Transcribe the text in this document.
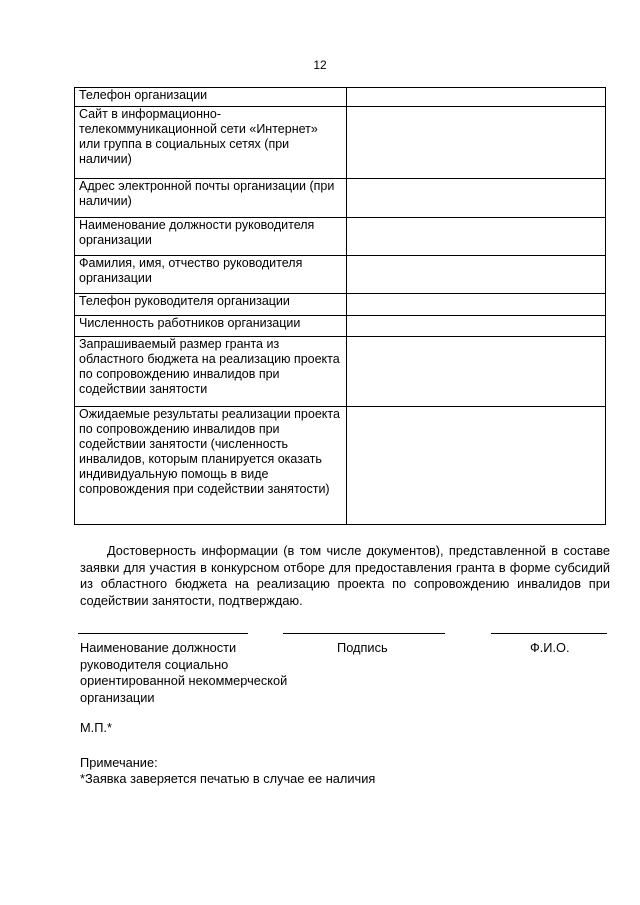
12
Телефон организации	
Сайт в информационно-телекоммуникационной сети «Интернет» или группа в социальных сетях (при наличии)	
Адрес электронной почты организации (при наличии)	
Наименование должности руководителя организации	
Фамилия, имя, отчество руководителя организации	
Телефон руководителя организации	
Численность работников организации	
Запрашиваемый размер гранта из областного бюджета на реализацию проекта по сопровождению инвалидов при содействии занятости	
Ожидаемые результаты реализации проекта по сопровождению инвалидов при содействии занятости (численность инвалидов, которым планируется оказать индивидуальную помощь в виде сопровождения при содействии занятости)	
Достоверность информации (в том числе документов), представленной в составе заявки для участия в конкурсном отборе для предоставления гранта в форме субсидий из областного бюджета на реализацию проекта по сопровождению инвалидов при содействии занятости, подтверждаю.
Наименование должности руководителя социально ориентированной некоммерческой организации
Подпись	Ф.И.О.
М.П.*
Примечание:
*Заявка заверяется печатью в случае ее наличия
